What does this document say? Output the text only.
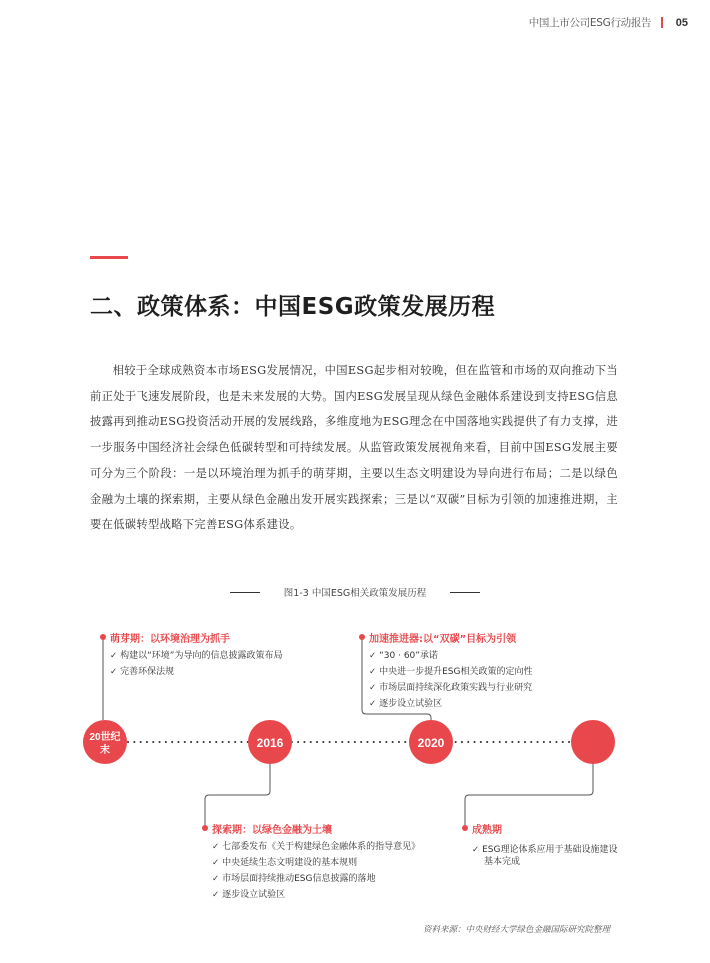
中国上市公司ESG行动报告 05
二、政策体系：中国ESG政策发展历程
相较于全球成熟资本市场ESG发展情况，中国ESG起步相对较晚，但在监管和市场的双向推动下当前正处于飞速发展阶段，也是未来发展的大势。国内ESG发展呈现从绿色金融体系建设到支持ESG信息披露再到推动ESG投资活动开展的发展线路，多维度地为ESG理念在中国落地实践提供了有力支撑，进一步服务中国经济社会绿色低碳转型和可持续发展。从监管政策发展视角来看，目前中国ESG发展主要可分为三个阶段：一是以环境治理为抓手的萌芽期，主要以生态文明建设为导向进行布局；二是以绿色金融为土壤的探索期，主要从绿色金融出发开展实践探索；三是以“双碳”目标为引领的加速推进期，主要在低碳转型战略下完善ESG体系建设。
图1-3 中国ESG相关政策发展历程
20世纪
末
2016	2020
萌芽期：以环境治理为抓手
✓ 构建以“环境”为导向的信息披露政策布局
✓ 完善环保法规
加速推进器:以“双碳”目标为引领
✓ “30 · 60”承诺
✓ 中央进一步提升ESG相关政策的定向性
✓ 市场层面持续深化政策实践与行业研究
✓ 逐步设立试验区
探索期：以绿色金融为土壤
✓ 七部委发布《关于构建绿色金融体系的指导意见》
✓ 中央延续生态文明建设的基本规则
✓ 市场层面持续推动ESG信息披露的落地
✓ 逐步设立试验区
成熟期
✓ ESG理论体系应用于基础设施建设
基本完成
资料来源：中央财经大学绿色金融国际研究院整理
